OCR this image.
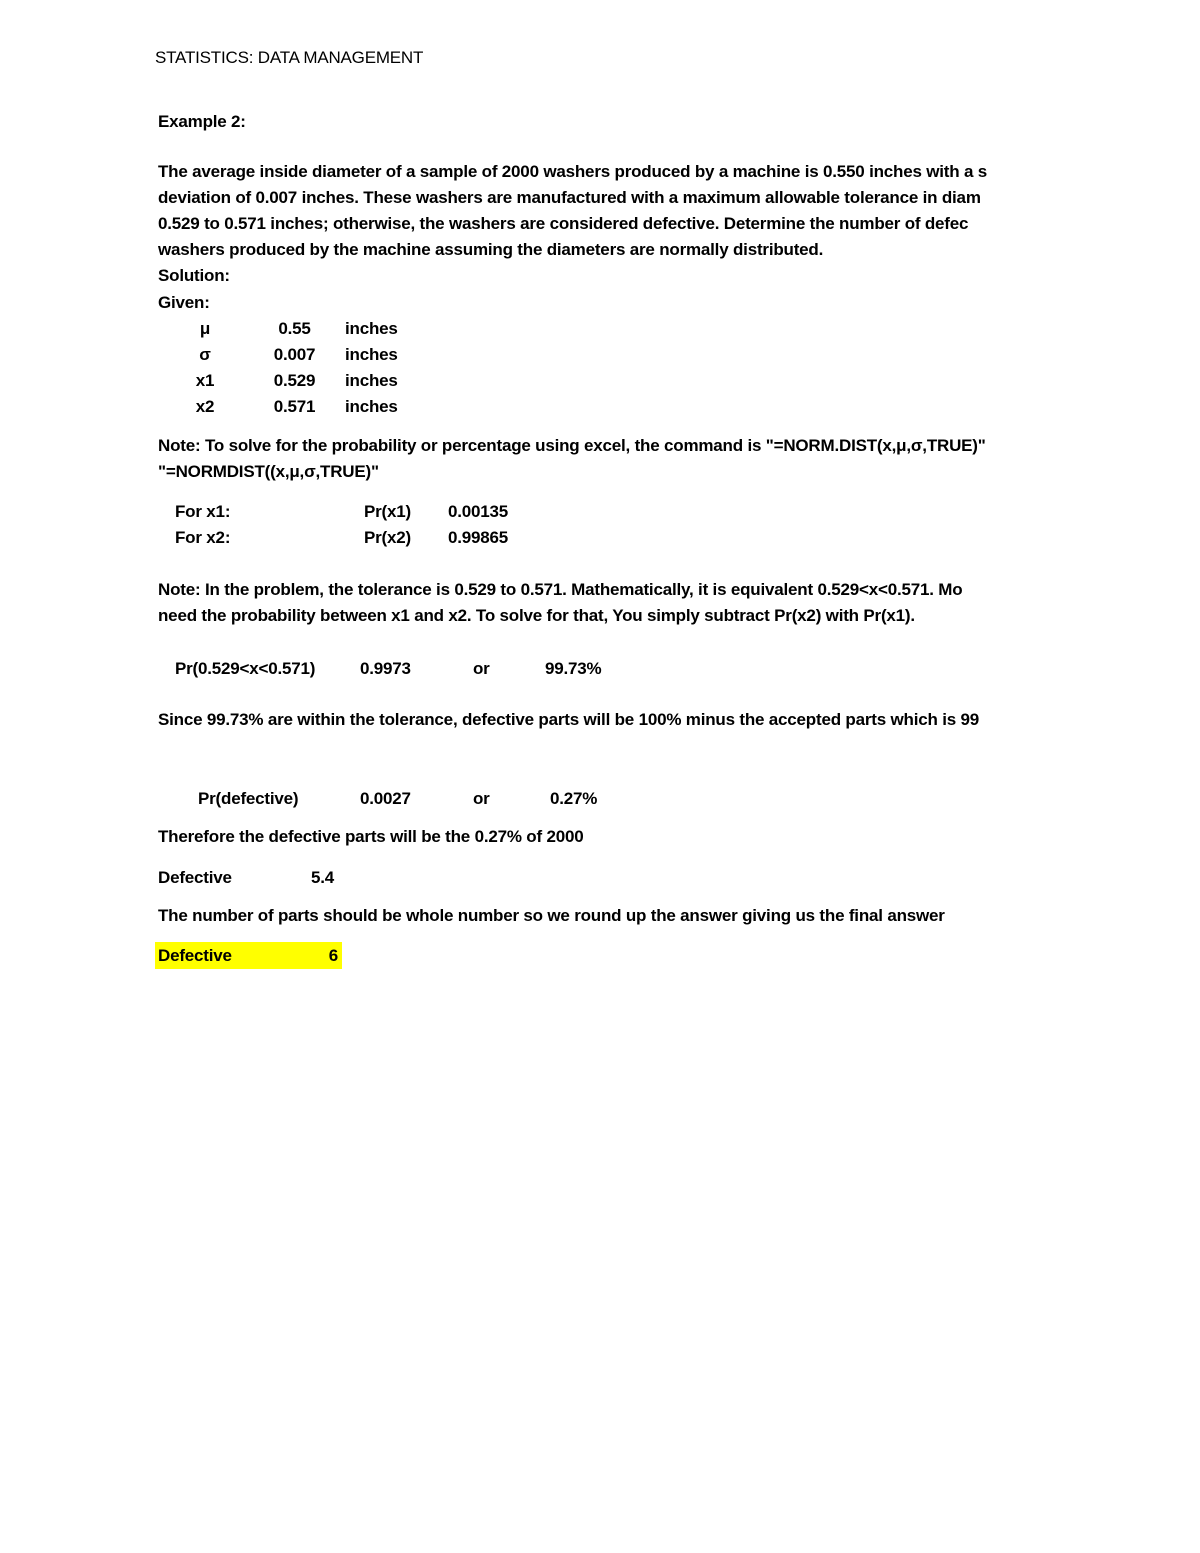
STATISTICS: DATA MANAGEMENT
Example 2:
The average inside diameter of a sample of 2000 washers produced by a machine is 0.550 inches with a s
deviation of 0.007 inches. These washers are manufactured with a maximum allowable tolerance in diam
0.529 to 0.571 inches; otherwise, the washers are considered defective. Determine the number of defec
washers produced by the machine assuming the diameters are normally distributed.
Solution:
Given:
μ	0.55	inches
σ	0.007	inches
x1	0.529	inches
x2	0.571	inches
Note: To solve for the probability or percentage using excel, the command is "=NORM.DIST(x,μ,σ,TRUE)"
"=NORMDIST((x,μ,σ,TRUE)"
For x1:	Pr(x1) 0.00135
For x2:	Pr(x2) 0.99865
Note: In the problem, the tolerance is 0.529 to 0.571. Mathematically, it is equivalent 0.529<x<0.571. Mo
need the probability between x1 and x2. To solve for that, You simply subtract Pr(x2) with Pr(x1).
Pr(0.529<x<0.571)	0.9973	or	99.73%
Since 99.73% are within the tolerance, defective parts will be 100% minus the accepted parts which is 99
Pr(defective)	0.0027	or	0.27%
Therefore the defective parts will be the 0.27% of 2000
Defective	5.4
The number of parts should be whole number so we round up the answer giving us the final answer
Defective	6
